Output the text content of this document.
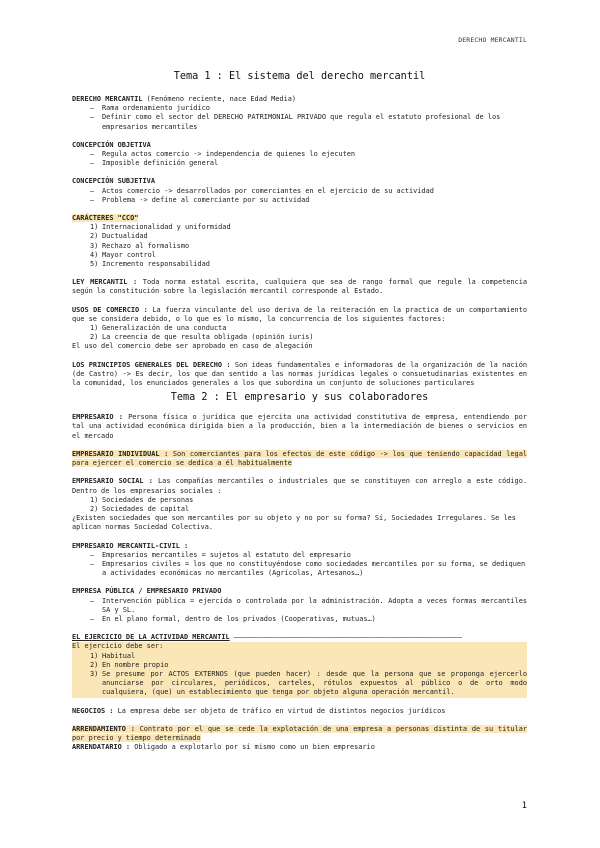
DERECHO MERCANTIL
Tema 1 : El sistema del derecho mercantil
DERECHO MERCANTIL (Fenómeno reciente, nace Edad Media)
– Rama ordenamiento jurídico
– Definir como el sector del DERECHO PATRIMONIAL PRIVADO que regula el estatuto profesional de los empresarios mercantiles
CONCEPCIÓN OBJETIVA
– Regula actos comercio -> independencia de quienes lo ejecuten
– Imposible definición general
CONCEPCIÓN SUBJETIVA
– Actos comercio -> desarrollados por comerciantes en el ejercicio de su actividad
– Problema -> define al comerciante por su actividad
CARÁCTERES "CCO"
1) Internacionalidad y uniformidad
2) Ductualidad
3) Rechazo al formalismo
4) Mayor control
5) Incremento responsabilidad
LEY MERCANTIL : Toda norma estatal escrita, cualquiera que sea de rango formal que regule la competencia según la constitución sobre la legislación mercantil corresponde al Estado.
USOS DE COMERCIO : La fuerza vinculante del uso deriva de la reiteración en la practica de un comportamiento que se considera debido, o lo que es lo mismo, la concurrencia de los siguientes factores:
1) Generalización de una conducta
2) La creencia de que resulta obligada (opinión iuris)
El uso del comercio debe ser aprobado en caso de alegación
LOS PRINCIPIOS GENERALES DEL DERECHO : Son ideas fundamentales e informadoras de la organización de la nación (de Castro) -> Es decir, los que dan sentido a las normas jurídicas legales o consuetudinarias existentes en la comunidad, los enunciados generales a los que subordina un conjunto de soluciones particulares
Tema 2 : El empresario y sus colaboradores
EMPRESARIO : Persona física o jurídica que ejercita una actividad constitutiva de empresa, entendiendo por tal una actividad económica dirigida bien a la producción, bien a la intermediación de bienes o servicios en el mercado
EMPRESARIO INDIVIDUAL : Son comerciantes para los efectos de este código -> los que teniendo capacidad legal para ejercer el comercio se dedica a él habitualmente
EMPRESARIO SOCIAL : Las compañías mercantiles o industriales que se constituyen con arreglo a este código. Dentro de los empresarios sociales :
1) Sociedades de personas
2) Sociedades de capital
¿Existen sociedades que son mercantiles por su objeto y no por su forma? Sí, Sociedades Irregulares. Se les aplican normas Sociedad Colectiva.
EMPRESARIO MERCANTIL-CIVIL :
– Empresarios mercantiles = sujetos al estatuto del empresario
– Empresarios civiles = los que no constituyéndose como sociedades mercantiles por su forma, se dediquen a actividades económicas no mercantiles (Agrícolas, Artesanos…)
EMPRESA PÚBLICA / EMPRESARIO PRIVADO
– Intervención pública = ejercida o controlada por la administración. Adopta a veces formas mercantiles SA y SL.
– En el plano formal, dentro de los privados (Cooperativas, mutuas…)
EL EJERCICIO DE LA ACTIVIDAD MERCANTIL –––––––––––––––––––––––––––––––––––––––––––––––––––––––
El ejercicio debe ser:
1) Habitual
2) En nombre propio
3) Se presume por ACTOS EXTERNOS (que pueden hacer) : desde que la persona que se proponga ejercerlo anunciarse por circulares, periódicos, carteles, rótulos expuestos al público o de orto modo cualquiera, (que) un establecimiento que tenga por objeto alguna operación mercantil.
NEGOCIOS : La empresa debe ser objeto de tráfico en virtud de distintos negocios jurídicos
ARRENDAMIENTO : Contrato por el que se cede la explotación de una empresa a personas distinta de su titular por precio y tiempo determinado
ARRENDATARIO : Obligado a explotarlo por sí mismo como un bien empresario
1
